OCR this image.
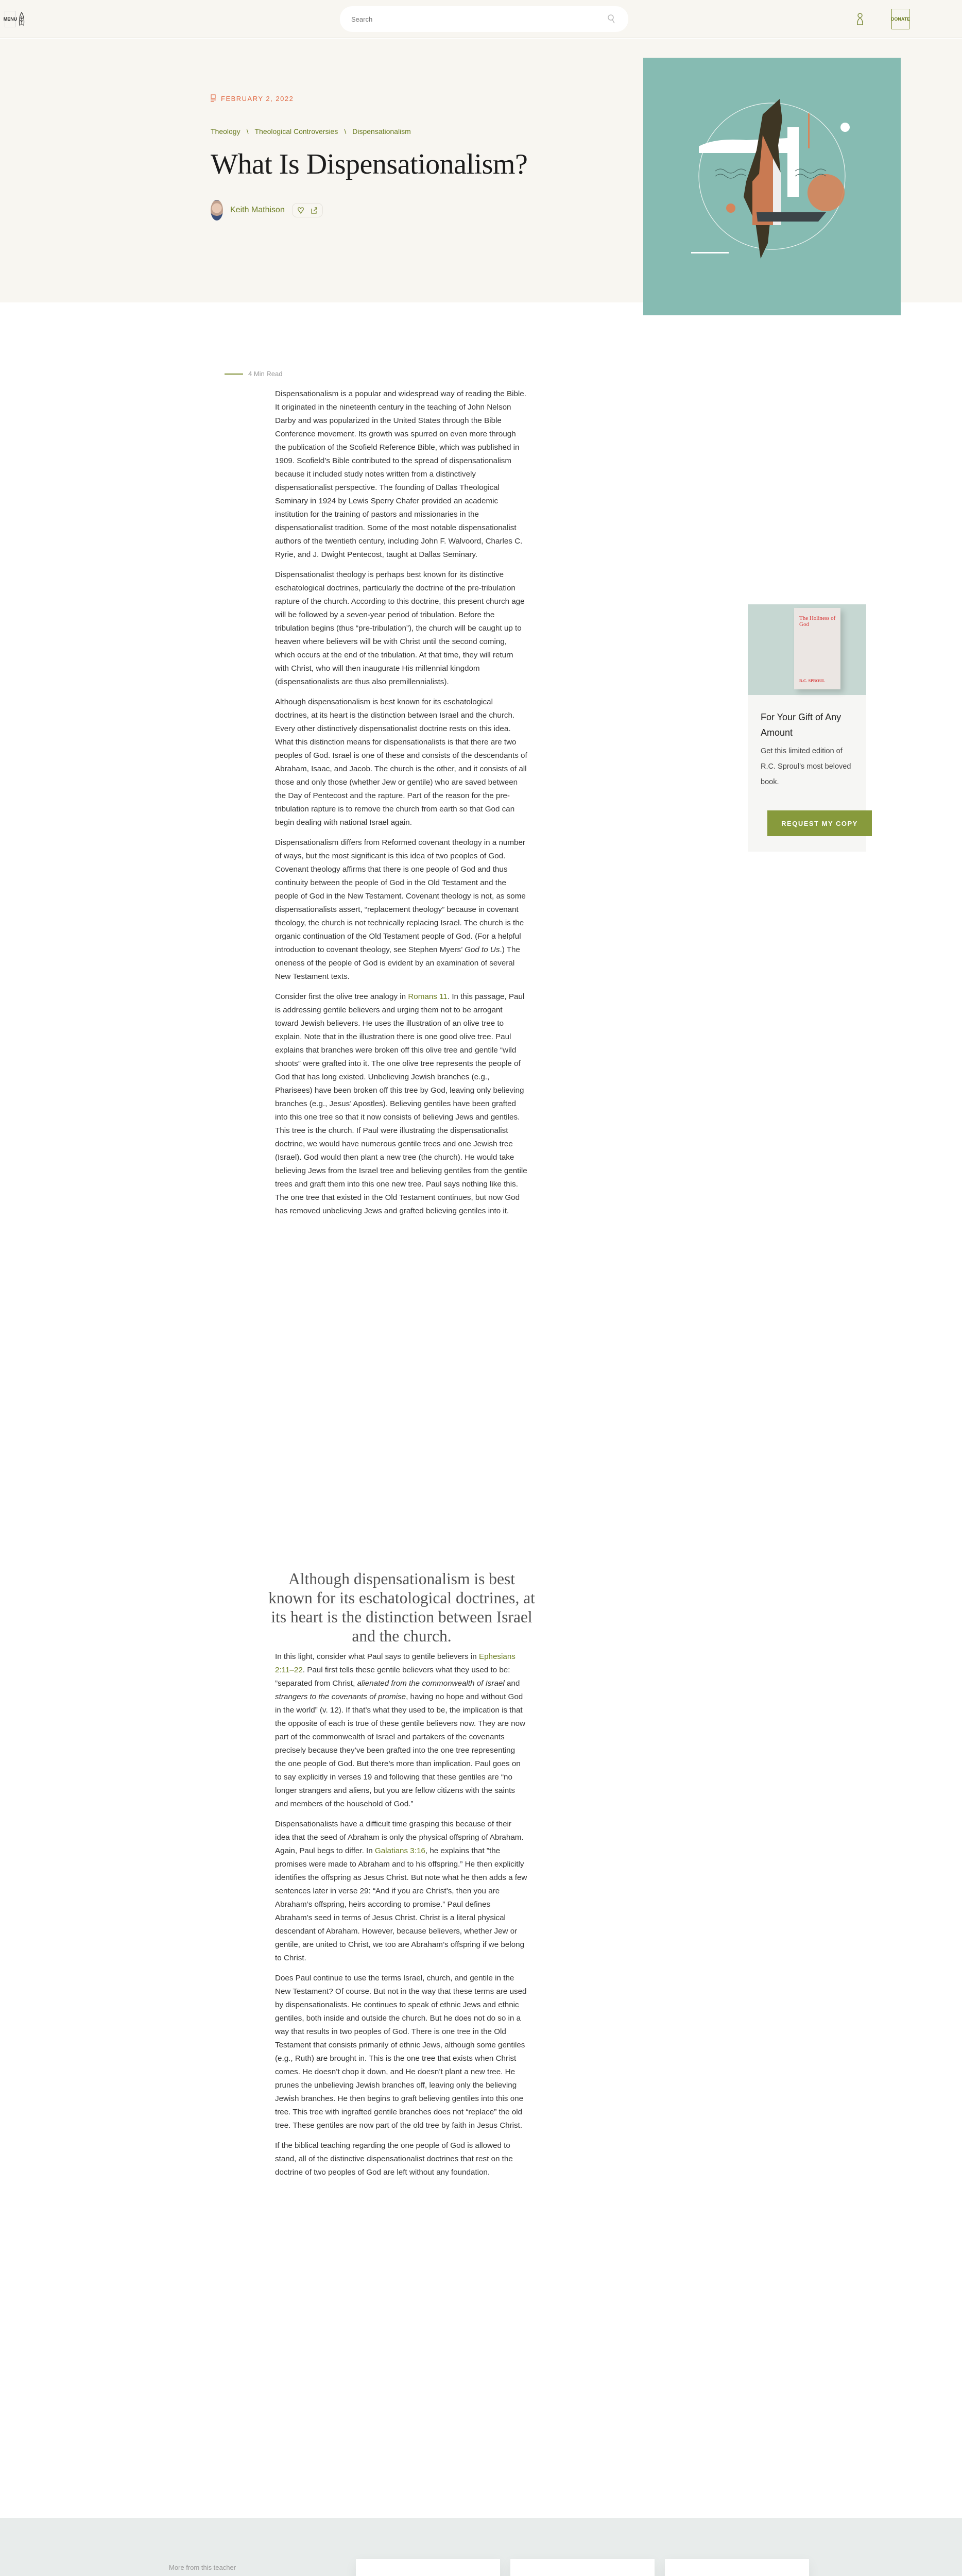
MENU
Search	DONATE
FEBRUARY 2, 2022
Theology \ Theological Controversies \ Dispensationalism
What Is Dispensationalism?
Keith Mathison
4 Min Read

Dispensationalism is a popular and widespread way of reading the Bible. It originated in the nineteenth century in the teaching of John Nelson Darby and was popularized in the United States through the Bible Conference movement. Its growth was spurred on even more through the publication of the Scofield Reference Bible, which was published in 1909. Scofield’s Bible contributed to the spread of dispensationalism because it included study notes written from a distinctively dispensationalist perspective. The founding of Dallas Theological Seminary in 1924 by Lewis Sperry Chafer provided an academic institution for the training of pastors and missionaries in the dispensationalist tradition. Some of the most notable dispensationalist authors of the twentieth century, including John F. Walvoord, Charles C. Ryrie, and J. Dwight Pentecost, taught at Dallas Seminary.

Dispensationalist theology is perhaps best known for its distinctive eschatological doctrines, particularly the doctrine of the pre-tribulation rapture of the church. According to this doctrine, this present church age will be followed by a seven-year period of tribulation. Before the tribulation begins (thus “pre-tribulation”), the church will be caught up to heaven where believers will be with Christ until the second coming, which occurs at the end of the tribulation. At that time, they will return with Christ, who will then inaugurate His millennial kingdom (dispensationalists are thus also premillennialists).

Although dispensationalism is best known for its eschatological doctrines, at its heart is the distinction between Israel and the church. Every other distinctively dispensationalist doctrine rests on this idea. What this distinction means for dispensationalists is that there are two peoples of God. Israel is one of these and consists of the descendants of Abraham, Isaac, and Jacob. The church is the other, and it consists of all those and only those (whether Jew or gentile) who are saved between the Day of Pentecost and the rapture. Part of the reason for the pre-tribulation rapture is to remove the church from earth so that God can begin dealing with national Israel again.

Dispensationalism differs from Reformed covenant theology in a number of ways, but the most significant is this idea of two peoples of God. Covenant theology affirms that there is one people of God and thus continuity between the people of God in the Old Testament and the people of God in the New Testament. Covenant theology is not, as some dispensationalists assert, “replacement theology” because in covenant theology, the church is not technically replacing Israel. The church is the organic continuation of the Old Testament people of God. (For a helpful introduction to covenant theology, see Stephen Myers’ God to Us.) The oneness of the people of God is evident by an examination of several New Testament texts.

Consider first the olive tree analogy in Romans 11. In this passage, Paul is addressing gentile believers and urging them not to be arrogant toward Jewish believers. He uses the illustration of an olive tree to explain. Note that in the illustration there is one good olive tree. Paul explains that branches were broken off this olive tree and gentile “wild shoots” were grafted into it. The one olive tree represents the people of God that has long existed. Unbelieving Jewish branches (e.g., Pharisees) have been broken off this tree by God, leaving only believing branches (e.g., Jesus’ Apostles). Believing gentiles have been grafted into this one tree so that it now consists of believing Jews and gentiles. This tree is the church. If Paul were illustrating the dispensationalist doctrine, we would have numerous gentile trees and one Jewish tree (Israel). God would then plant a new tree (the church). He would take believing Jews from the Israel tree and believing gentiles from the gentile trees and graft them into this one new tree. Paul says nothing like this. The one tree that existed in the Old Testament continues, but now God has removed unbelieving Jews and grafted believing gentiles into it.

Although dispensationalism is best known for its eschatological doctrines, at its heart is the distinction between Israel and the church.

In this light, consider what Paul says to gentile believers in Ephesians 2:11–22. Paul first tells these gentile believers what they used to be: ”separated from Christ, alienated from the commonwealth of Israel and strangers to the covenants of promise, having no hope and without God in the world” (v. 12). If that’s what they used to be, the implication is that the opposite of each is true of these gentile believers now. They are now part of the commonwealth of Israel and partakers of the covenants precisely because they’ve been grafted into the one tree representing the one people of God. But there’s more than implication. Paul goes on to say explicitly in verses 19 and following that these gentiles are “no longer strangers and aliens, but you are fellow citizens with the saints and members of the household of God.”

Dispensationalists have a difficult time grasping this because of their idea that the seed of Abraham is only the physical offspring of Abraham. Again, Paul begs to differ. In Galatians 3:16, he explains that ”the promises were made to Abraham and to his offspring.” He then explicitly identifies the offspring as Jesus Christ. But note what he then adds a few sentences later in verse 29: “And if you are Christ’s, then you are Abraham’s offspring, heirs according to promise.” Paul defines Abraham’s seed in terms of Jesus Christ. Christ is a literal physical descendant of Abraham. However, because believers, whether Jew or gentile, are united to Christ, we too are Abraham’s offspring if we belong to Christ.

Does Paul continue to use the terms Israel, church, and gentile in the New Testament? Of course. But not in the way that these terms are used by dispensationalists. He continues to speak of ethnic Jews and ethnic gentiles, both inside and outside the church. But he does not do so in a way that results in two peoples of God. There is one tree in the Old Testament that consists primarily of ethnic Jews, although some gentiles (e.g., Ruth) are brought in. This is the one tree that exists when Christ comes. He doesn’t chop it down, and He doesn’t plant a new tree. He prunes the unbelieving Jewish branches off, leaving only the believing Jewish branches. He then begins to graft believing gentiles into this one tree. This tree with ingrafted gentile branches does not “replace” the old tree. These gentiles are now part of the old tree by faith in Jesus Christ.

If the biblical teaching regarding the one people of God is allowed to stand, all of the distinctive dispensationalist doctrines that rest on the doctrine of two peoples of God are left without any foundation.

The Holiness of God
R.C. SPROUL
For Your Gift of Any Amount
Get this limited edition of R.C. Sproul’s most beloved book.
REQUEST MY COPY
More from this teacher
